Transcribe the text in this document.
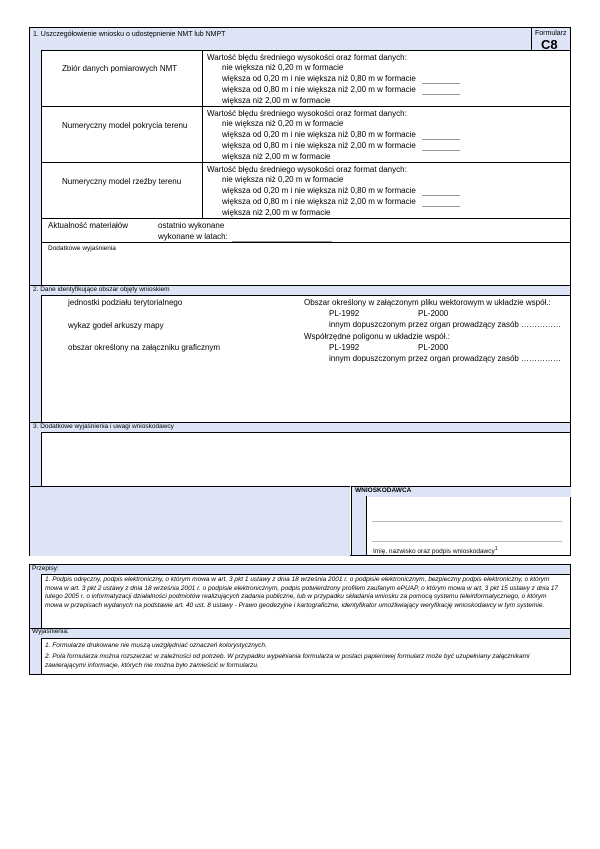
1. Uszczegółowienie wniosku o udostępnienie NMT lub NMPT	Formularz
C8
Zbiór danych pomiarowych NMT
Wartość błędu średniego wysokości oraz format danych:
nie większa niż 0,20 m w formacie
większa od 0,20 m i nie większa niż 0,80 m w formacie
większa od 0,80 m i nie większa niż 2,00 m w formacie
większa niż 2,00 m w formacie
Numeryczny model pokrycia terenu
Wartość błędu średniego wysokości oraz format danych:
nie większa niż 0,20 m w formacie
większa od 0,20 m i nie większa niż 0,80 m w formacie
większa od 0,80 m i nie większa niż 2,00 m w formacie
większa niż 2,00 m w formacie
Numeryczny model rzeźby terenu
Wartość błędu średniego wysokości oraz format danych:
nie większa niż 0,20 m w formacie
większa od 0,20 m i nie większa niż 0,80 m w formacie
większa od 0,80 m i nie większa niż 2,00 m w formacie
większa niż 2,00 m w formacie
Aktualność materiałów	ostatnio wykonane
wykonane w latach:
Dodatkowe wyjaśnienia
2. Dane identyfikujące obszar objęty wnioskiem
jednostki podziału terytorialnego
wykaz godeł arkuszy mapy
obszar określony na załączniku graficznym
Obszar określony w załączonym pliku wektorowym w układzie współ.:
PL-1992	PL-2000
innym dopuszczonym przez organ prowadzący zasób ……………
Współrzędne poligonu w układzie współ.:
PL-1992	PL-2000
innym dopuszczonym przez organ prowadzący zasób ……………
3. Dodatkowe wyjaśnienia i uwagi wnioskodawcy
WNIOSKODAWCA
Imię, nazwisko oraz podpis wnioskodawcy$^1$
Przepisy:
1. Podpis odręczny, podpis elektroniczny, o którym mowa w art. 3 pkt 1 ustawy z dnia 18 września 2001 r. o podpisie elektronicznym, bezpieczny podpis elektroniczny, o którym mowa w art. 3 pkt 2 ustawy z dnia 18 września 2001 r. o podpisie elektronicznym, podpis potwierdzony profilem zaufanym ePUAP, o którym mowa w art. 3 pkt 15 ustawy z dnia 17 lutego 2005 r. o informatyzacji działalności podmiotów realizujących zadania publiczne, lub w przypadku składania wniosku za pomocą systemu teleinformatycznego, o którym mowa w przepisach wydanych na podstawie art. 40 ust. 8 ustawy - Prawo geodezyjne i kartograficzne, identyfikator umożliwiający weryfikację wnioskodawcy w tym systemie.
Wyjaśnienia:
1. Formularze drukowane nie muszą uwzględniać oznaczeń kolorystycznych.
2. Pola formularza można rozszerzać w zależności od potrzeb. W przypadku wypełniania formularza w postaci papierowej formularz może być uzupełniany załącznikami zawierającymi informacje, których nie można było zamieścić w formularzu.
